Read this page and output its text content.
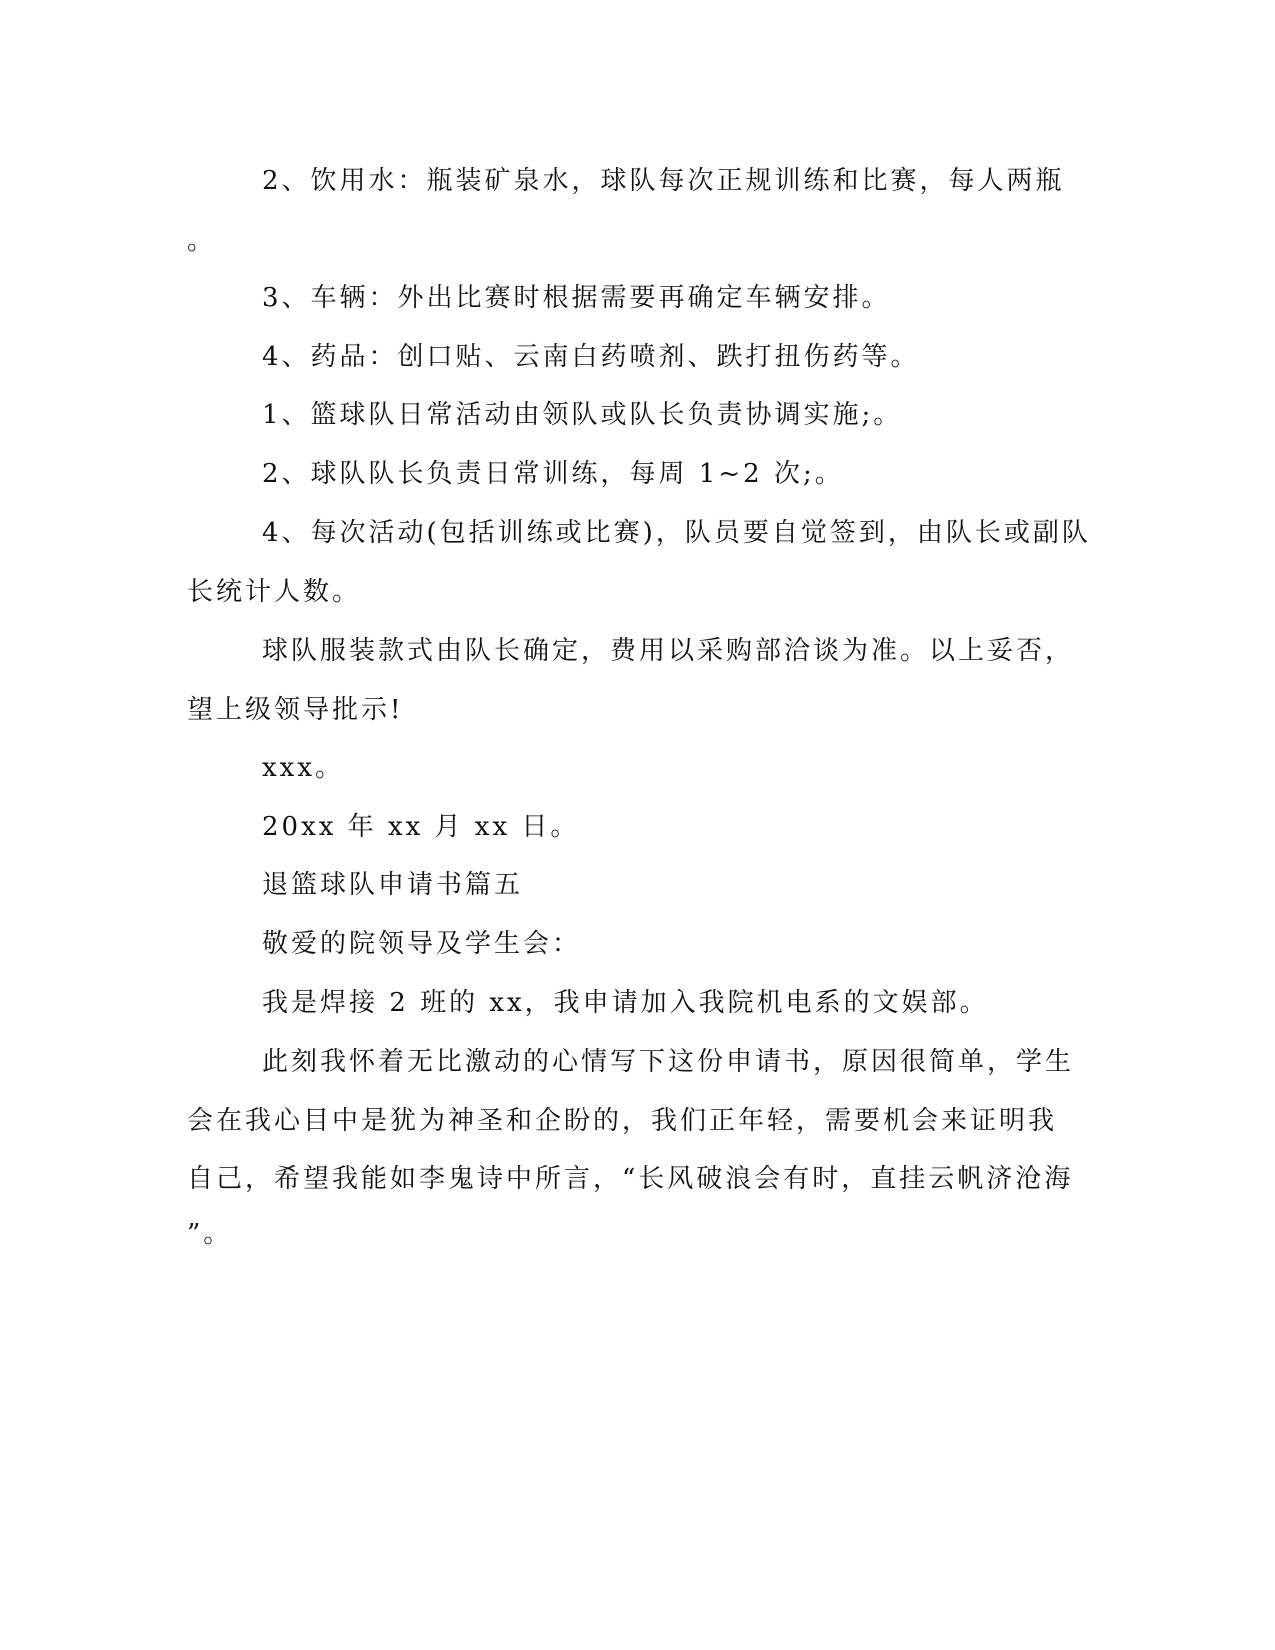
2、饮用水：瓶装矿泉水，球队每次正规训练和比赛，每人两瓶
。
3、车辆：外出比赛时根据需要再确定车辆安排。
4、药品：创口贴、云南白药喷剂、跌打扭伤药等。
1、篮球队日常活动由领队或队长负责协调实施;。
2、球队队长负责日常训练，每周 1~2 次;。
4、每次活动(包括训练或比赛)，队员要自觉签到，由队长或副队
长统计人数。
球队服装款式由队长确定，费用以采购部洽谈为准。以上妥否，
望上级领导批示!
xxx。
20xx 年 xx 月 xx 日。
退篮球队申请书篇五
敬爱的院领导及学生会：
我是焊接 2 班的 xx，我申请加入我院机电系的文娱部。
此刻我怀着无比激动的心情写下这份申请书，原因很简单，学生
会在我心目中是犹为神圣和企盼的，我们正年轻，需要机会来证明我
自己，希望我能如李鬼诗中所言，“长风破浪会有时，直挂云帆济沧海
”。
